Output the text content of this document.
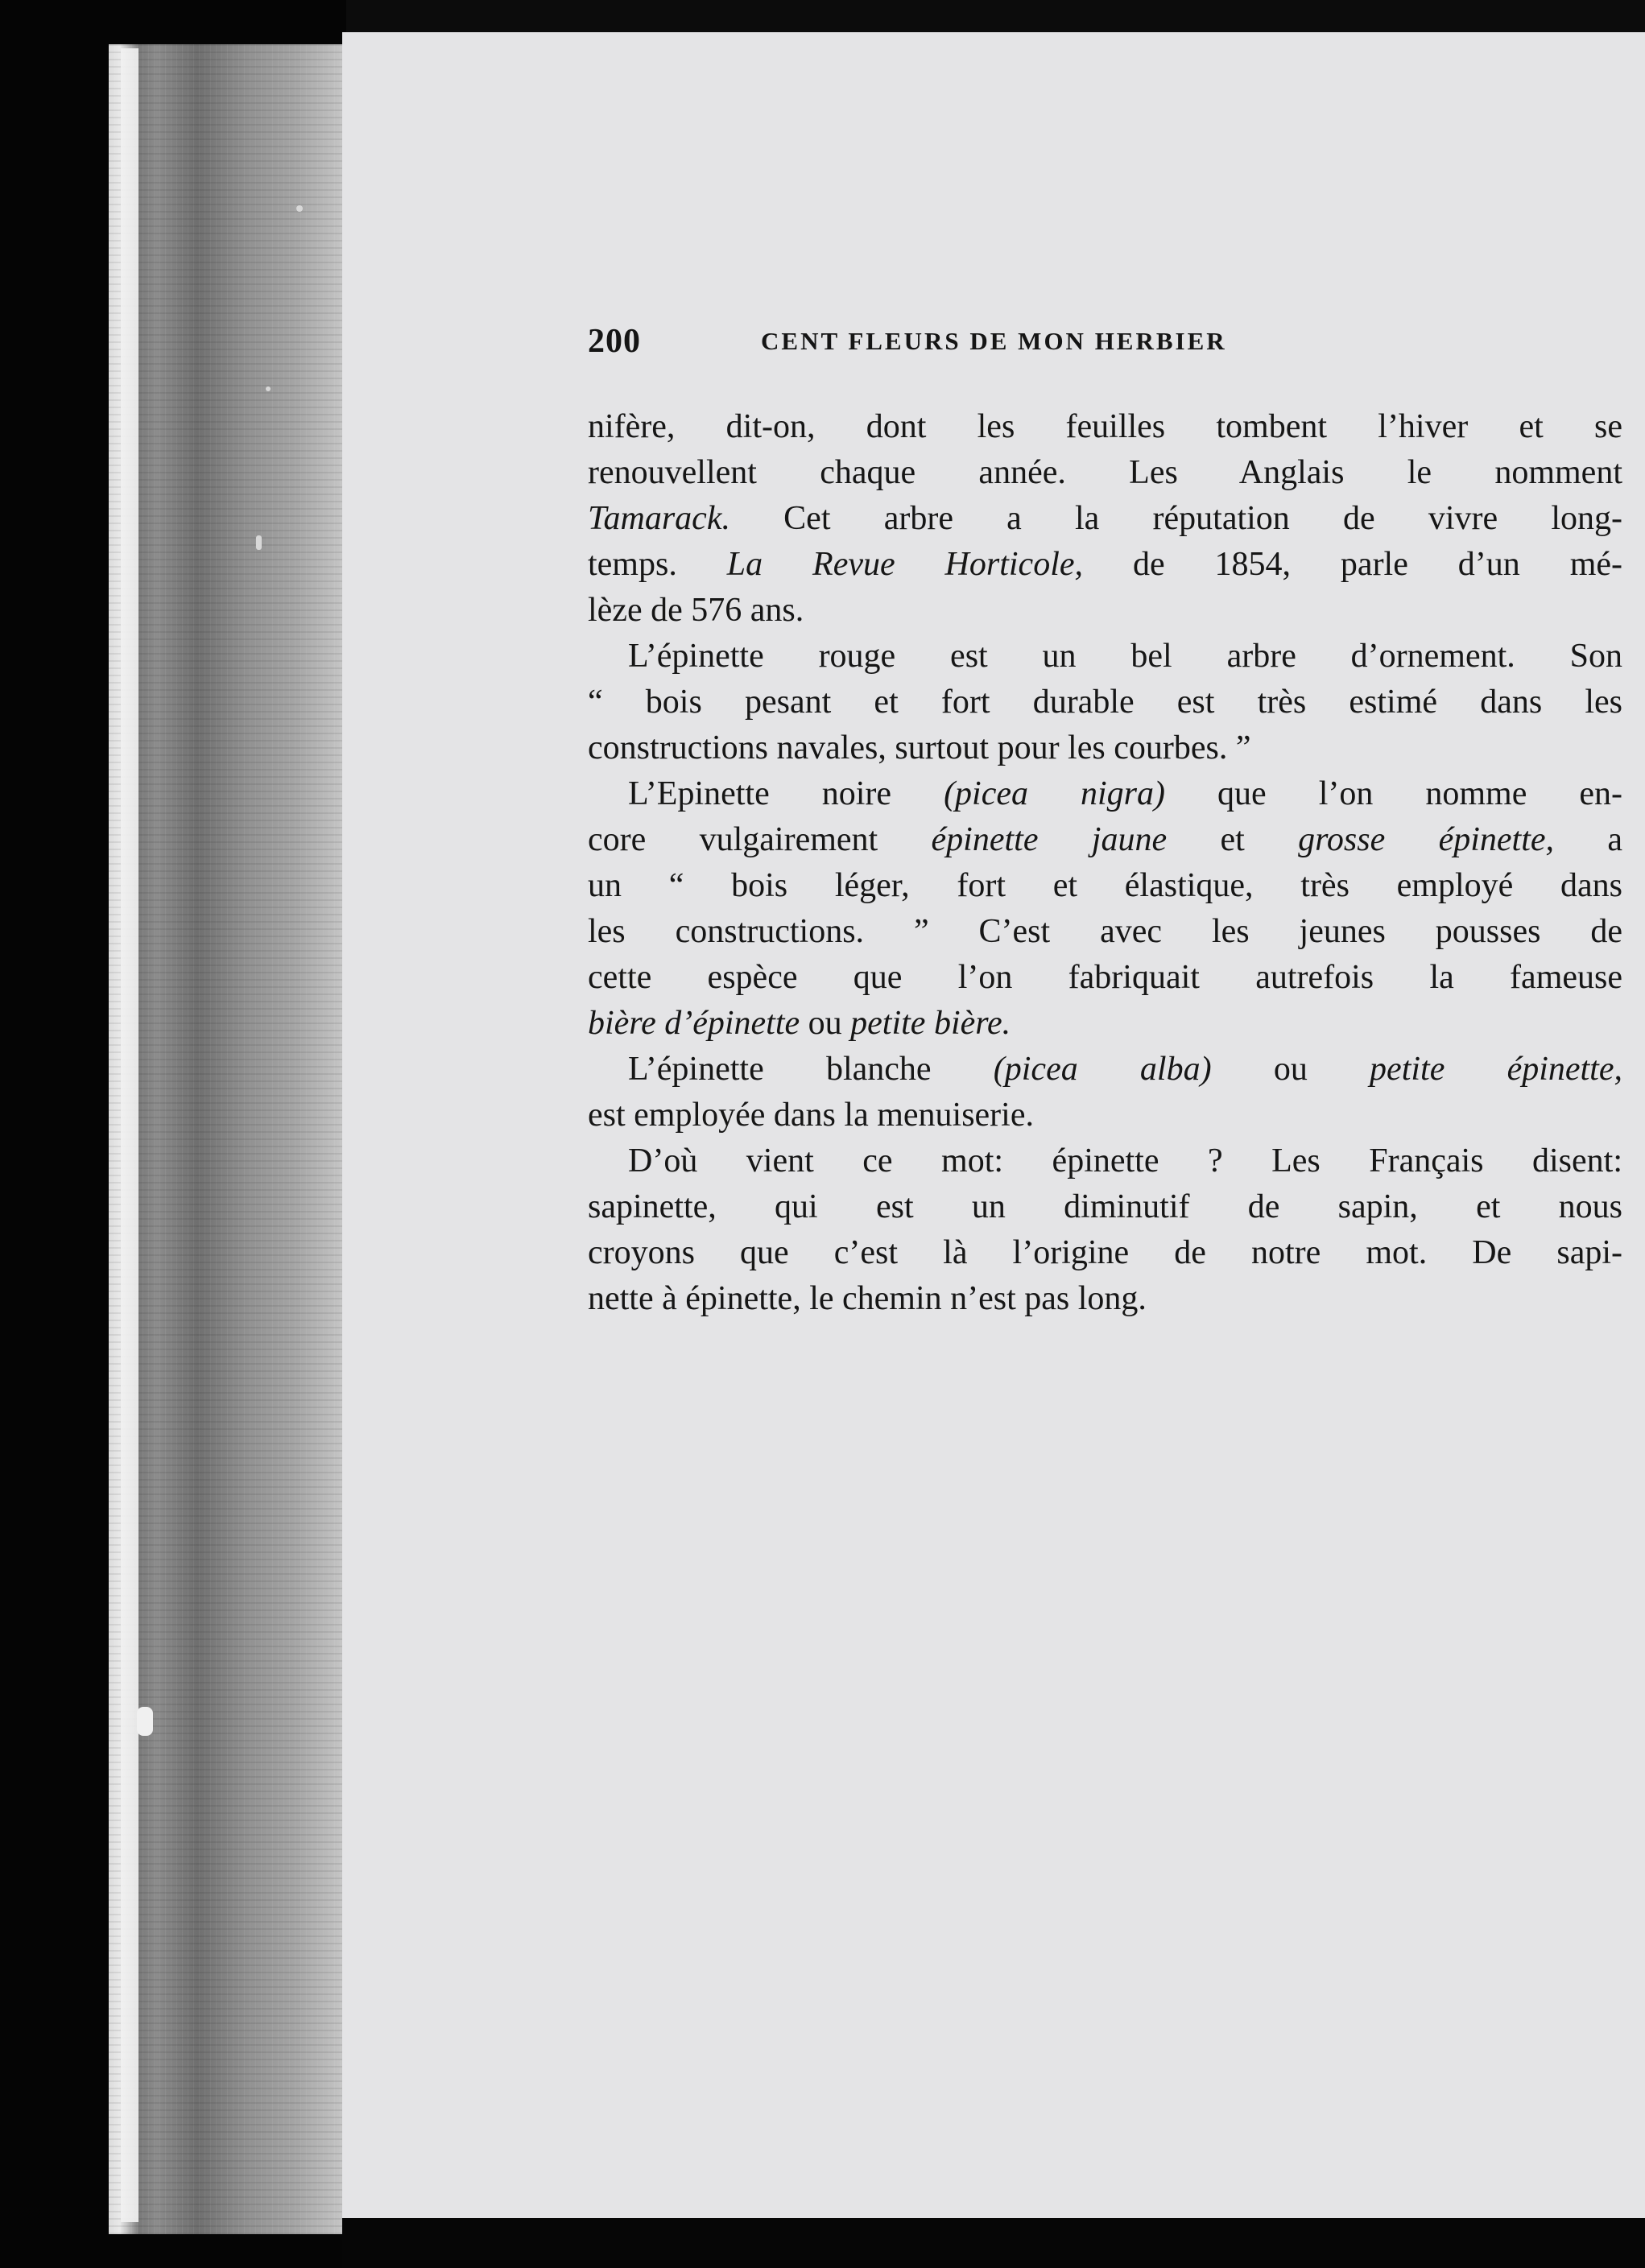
200	CENT FLEURS DE MON HERBIER
nifère, dit-on, dont les feuilles tombent l’hiver et se
renouvellent chaque année. Les Anglais le nomment
Tamarack. Cet arbre a la réputation de vivre long-
temps. La Revue Horticole, de 1854, parle d’un mé-
lèze de 576 ans.
L’épinette rouge est un bel arbre d’ornement. Son
“ bois pesant et fort durable est très estimé dans les
constructions navales, surtout pour les courbes. ”
L’Epinette noire (picea nigra) que l’on nomme en-
core vulgairement épinette jaune et grosse épinette, a
un “ bois léger, fort et élastique, très employé dans
les constructions. ” C’est avec les jeunes pousses de
cette espèce que l’on fabriquait autrefois la fameuse
bière d’épinette ou petite bière.
L’épinette blanche (picea alba) ou petite épinette,
est employée dans la menuiserie.
D’où vient ce mot: épinette ? Les Français disent:
sapinette, qui est un diminutif de sapin, et nous
croyons que c’est là l’origine de notre mot. De sapi-
nette à épinette, le chemin n’est pas long.
